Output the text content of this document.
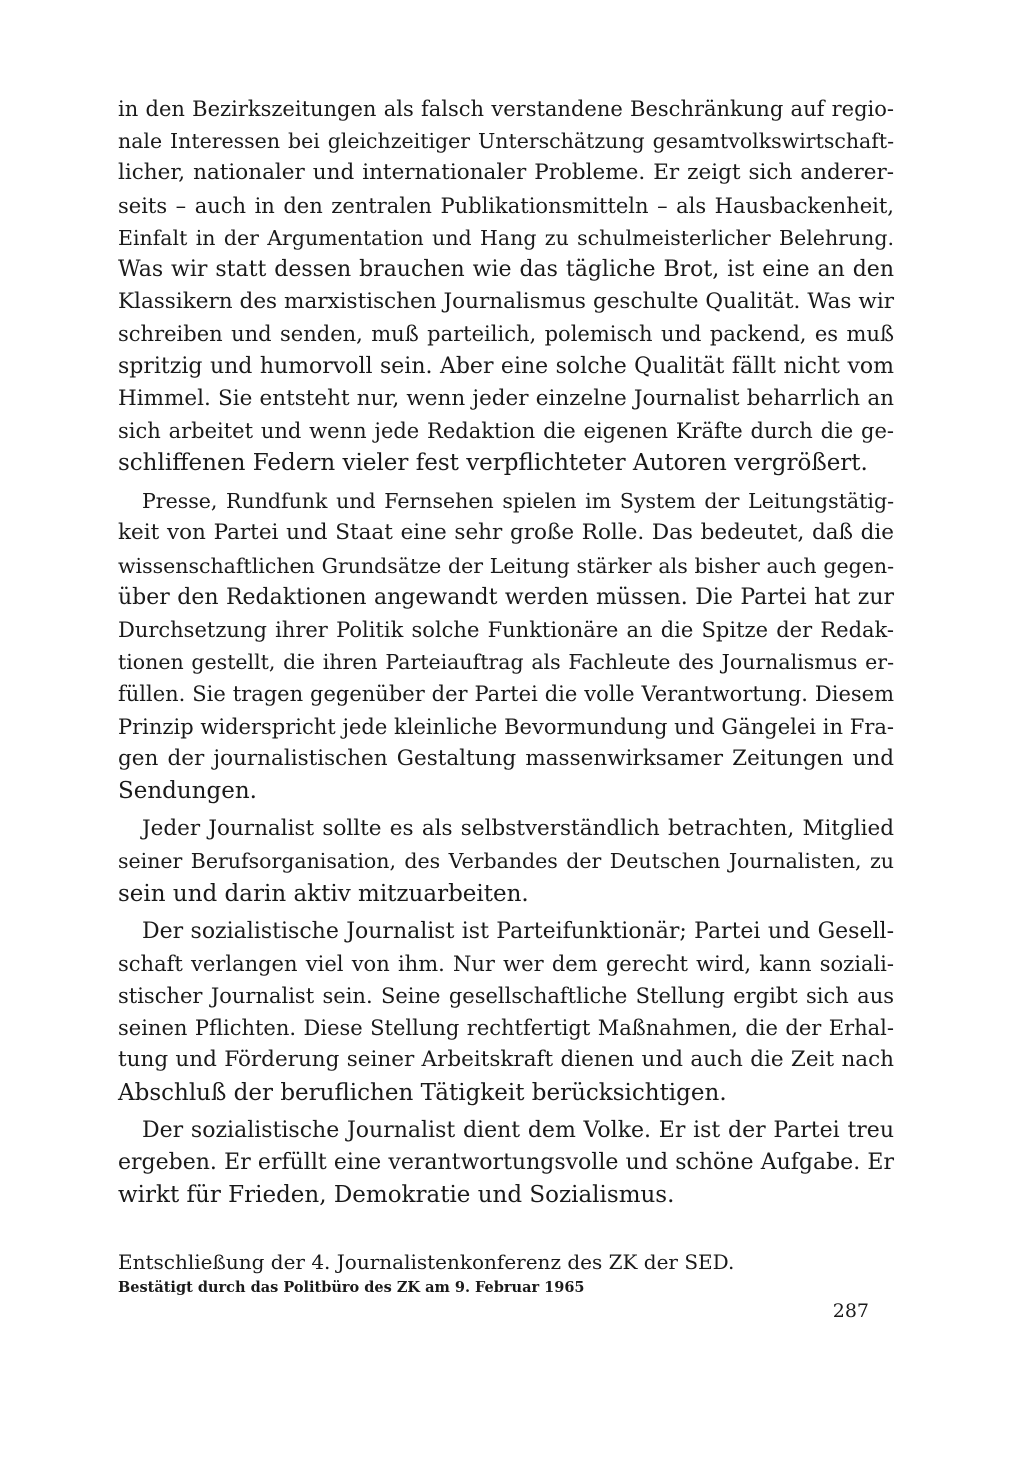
in den Bezirkszeitungen als falsch verstandene Beschränkung auf regio-
nale Interessen bei gleichzeitiger Unterschätzung gesamtvolkswirtschaft-
licher, nationaler und internationaler Probleme. Er zeigt sich anderer-
seits – auch in den zentralen Publikationsmitteln – als Hausbackenheit,
Einfalt in der Argumentation und Hang zu schulmeisterlicher Belehrung.
Was wir statt dessen brauchen wie das tägliche Brot, ist eine an den
Klassikern des marxistischen Journalismus geschulte Qualität. Was wir
schreiben und senden, muß parteilich, polemisch und packend, es muß
spritzig und humorvoll sein. Aber eine solche Qualität fällt nicht vom
Himmel. Sie entsteht nur, wenn jeder einzelne Journalist beharrlich an
sich arbeitet und wenn jede Redaktion die eigenen Kräfte durch die ge-
schliffenen Federn vieler fest verpflichteter Autoren vergrößert.
Presse, Rundfunk und Fernsehen spielen im System der Leitungstätig-
keit von Partei und Staat eine sehr große Rolle. Das bedeutet, daß die
wissenschaftlichen Grundsätze der Leitung stärker als bisher auch gegen-
über den Redaktionen angewandt werden müssen. Die Partei hat zur
Durchsetzung ihrer Politik solche Funktionäre an die Spitze der Redak-
tionen gestellt, die ihren Parteiauftrag als Fachleute des Journalismus er-
füllen. Sie tragen gegenüber der Partei die volle Verantwortung. Diesem
Prinzip widerspricht jede kleinliche Bevormundung und Gängelei in Fra-
gen der journalistischen Gestaltung massenwirksamer Zeitungen und
Sendungen.
Jeder Journalist sollte es als selbstverständlich betrachten, Mitglied
seiner Berufsorganisation, des Verbandes der Deutschen Journalisten, zu
sein und darin aktiv mitzuarbeiten.
Der sozialistische Journalist ist Parteifunktionär; Partei und Gesell-
schaft verlangen viel von ihm. Nur wer dem gerecht wird, kann soziali-
stischer Journalist sein. Seine gesellschaftliche Stellung ergibt sich aus
seinen Pflichten. Diese Stellung rechtfertigt Maßnahmen, die der Erhal-
tung und Förderung seiner Arbeitskraft dienen und auch die Zeit nach
Abschluß der beruflichen Tätigkeit berücksichtigen.
Der sozialistische Journalist dient dem Volke. Er ist der Partei treu
ergeben. Er erfüllt eine verantwortungsvolle und schöne Aufgabe. Er
wirkt für Frieden, Demokratie und Sozialismus.
Entschließung der 4. Journalistenkonferenz des ZK der SED.
Bestätigt durch das Politbüro des ZK am 9. Februar 1965
287
